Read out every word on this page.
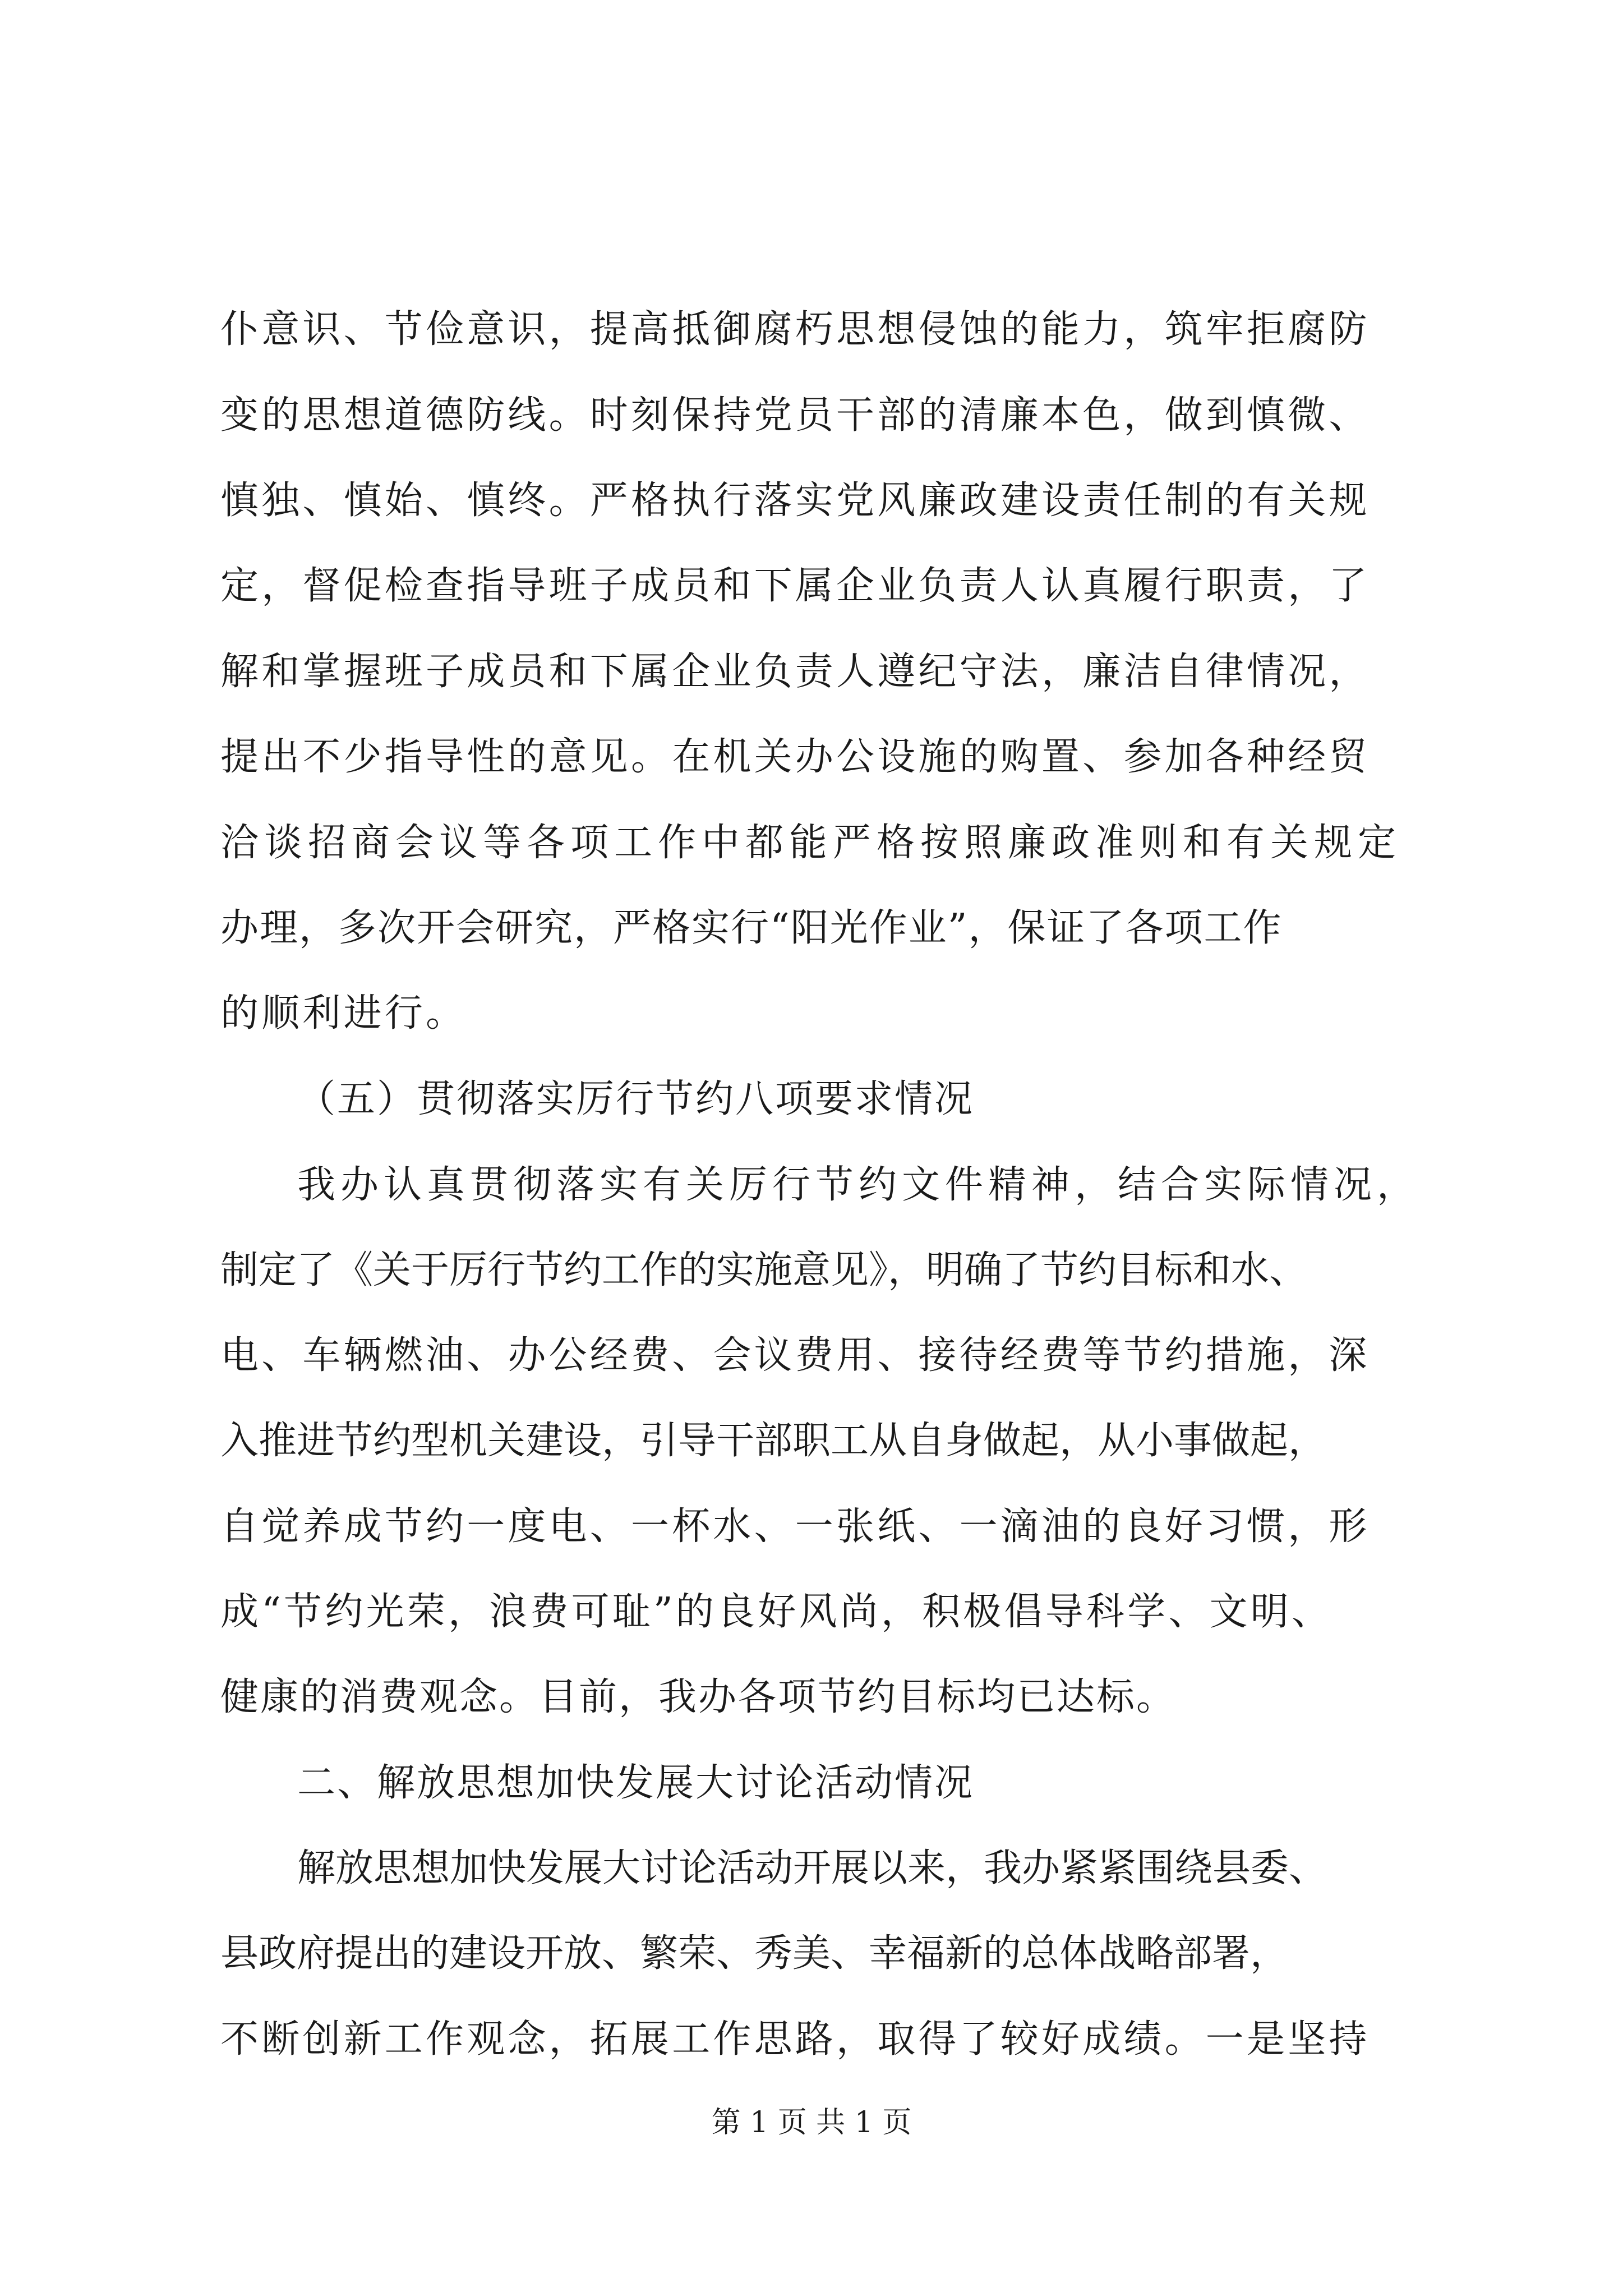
仆意识、节俭意识，提高抵御腐朽思想侵蚀的能力，筑牢拒腐防
变的思想道德防线。时刻保持党员干部的清廉本色，做到慎微、
慎独、慎始、慎终。严格执行落实党风廉政建设责任制的有关规
定，督促检查指导班子成员和下属企业负责人认真履行职责，了
解和掌握班子成员和下属企业负责人遵纪守法，廉洁自律情况，
提出不少指导性的意见。在机关办公设施的购置、参加各种经贸
洽谈招商会议等各项工作中都能严格按照廉政准则和有关规定
办理，多次开会研究，严格实行“阳光作业”，保证了各项工作
的顺利进行。
（五）贯彻落实厉行节约八项要求情况
我办认真贯彻落实有关厉行节约文件精神，结合实际情况，
制定了《关于厉行节约工作的实施意见》，明确了节约目标和水、
电、车辆燃油、办公经费、会议费用、接待经费等节约措施，深
入推进节约型机关建设，引导干部职工从自身做起，从小事做起，
自觉养成节约一度电、一杯水、一张纸、一滴油的良好习惯，形
成“节约光荣，浪费可耻”的良好风尚，积极倡导科学、文明、
健康的消费观念。目前，我办各项节约目标均已达标。
二、解放思想加快发展大讨论活动情况
解放思想加快发展大讨论活动开展以来，我办紧紧围绕县委、
县政府提出的建设开放、繁荣、秀美、幸福新的总体战略部署，
不断创新工作观念，拓展工作思路，取得了较好成绩。一是坚持
第 1 页 共 1 页
